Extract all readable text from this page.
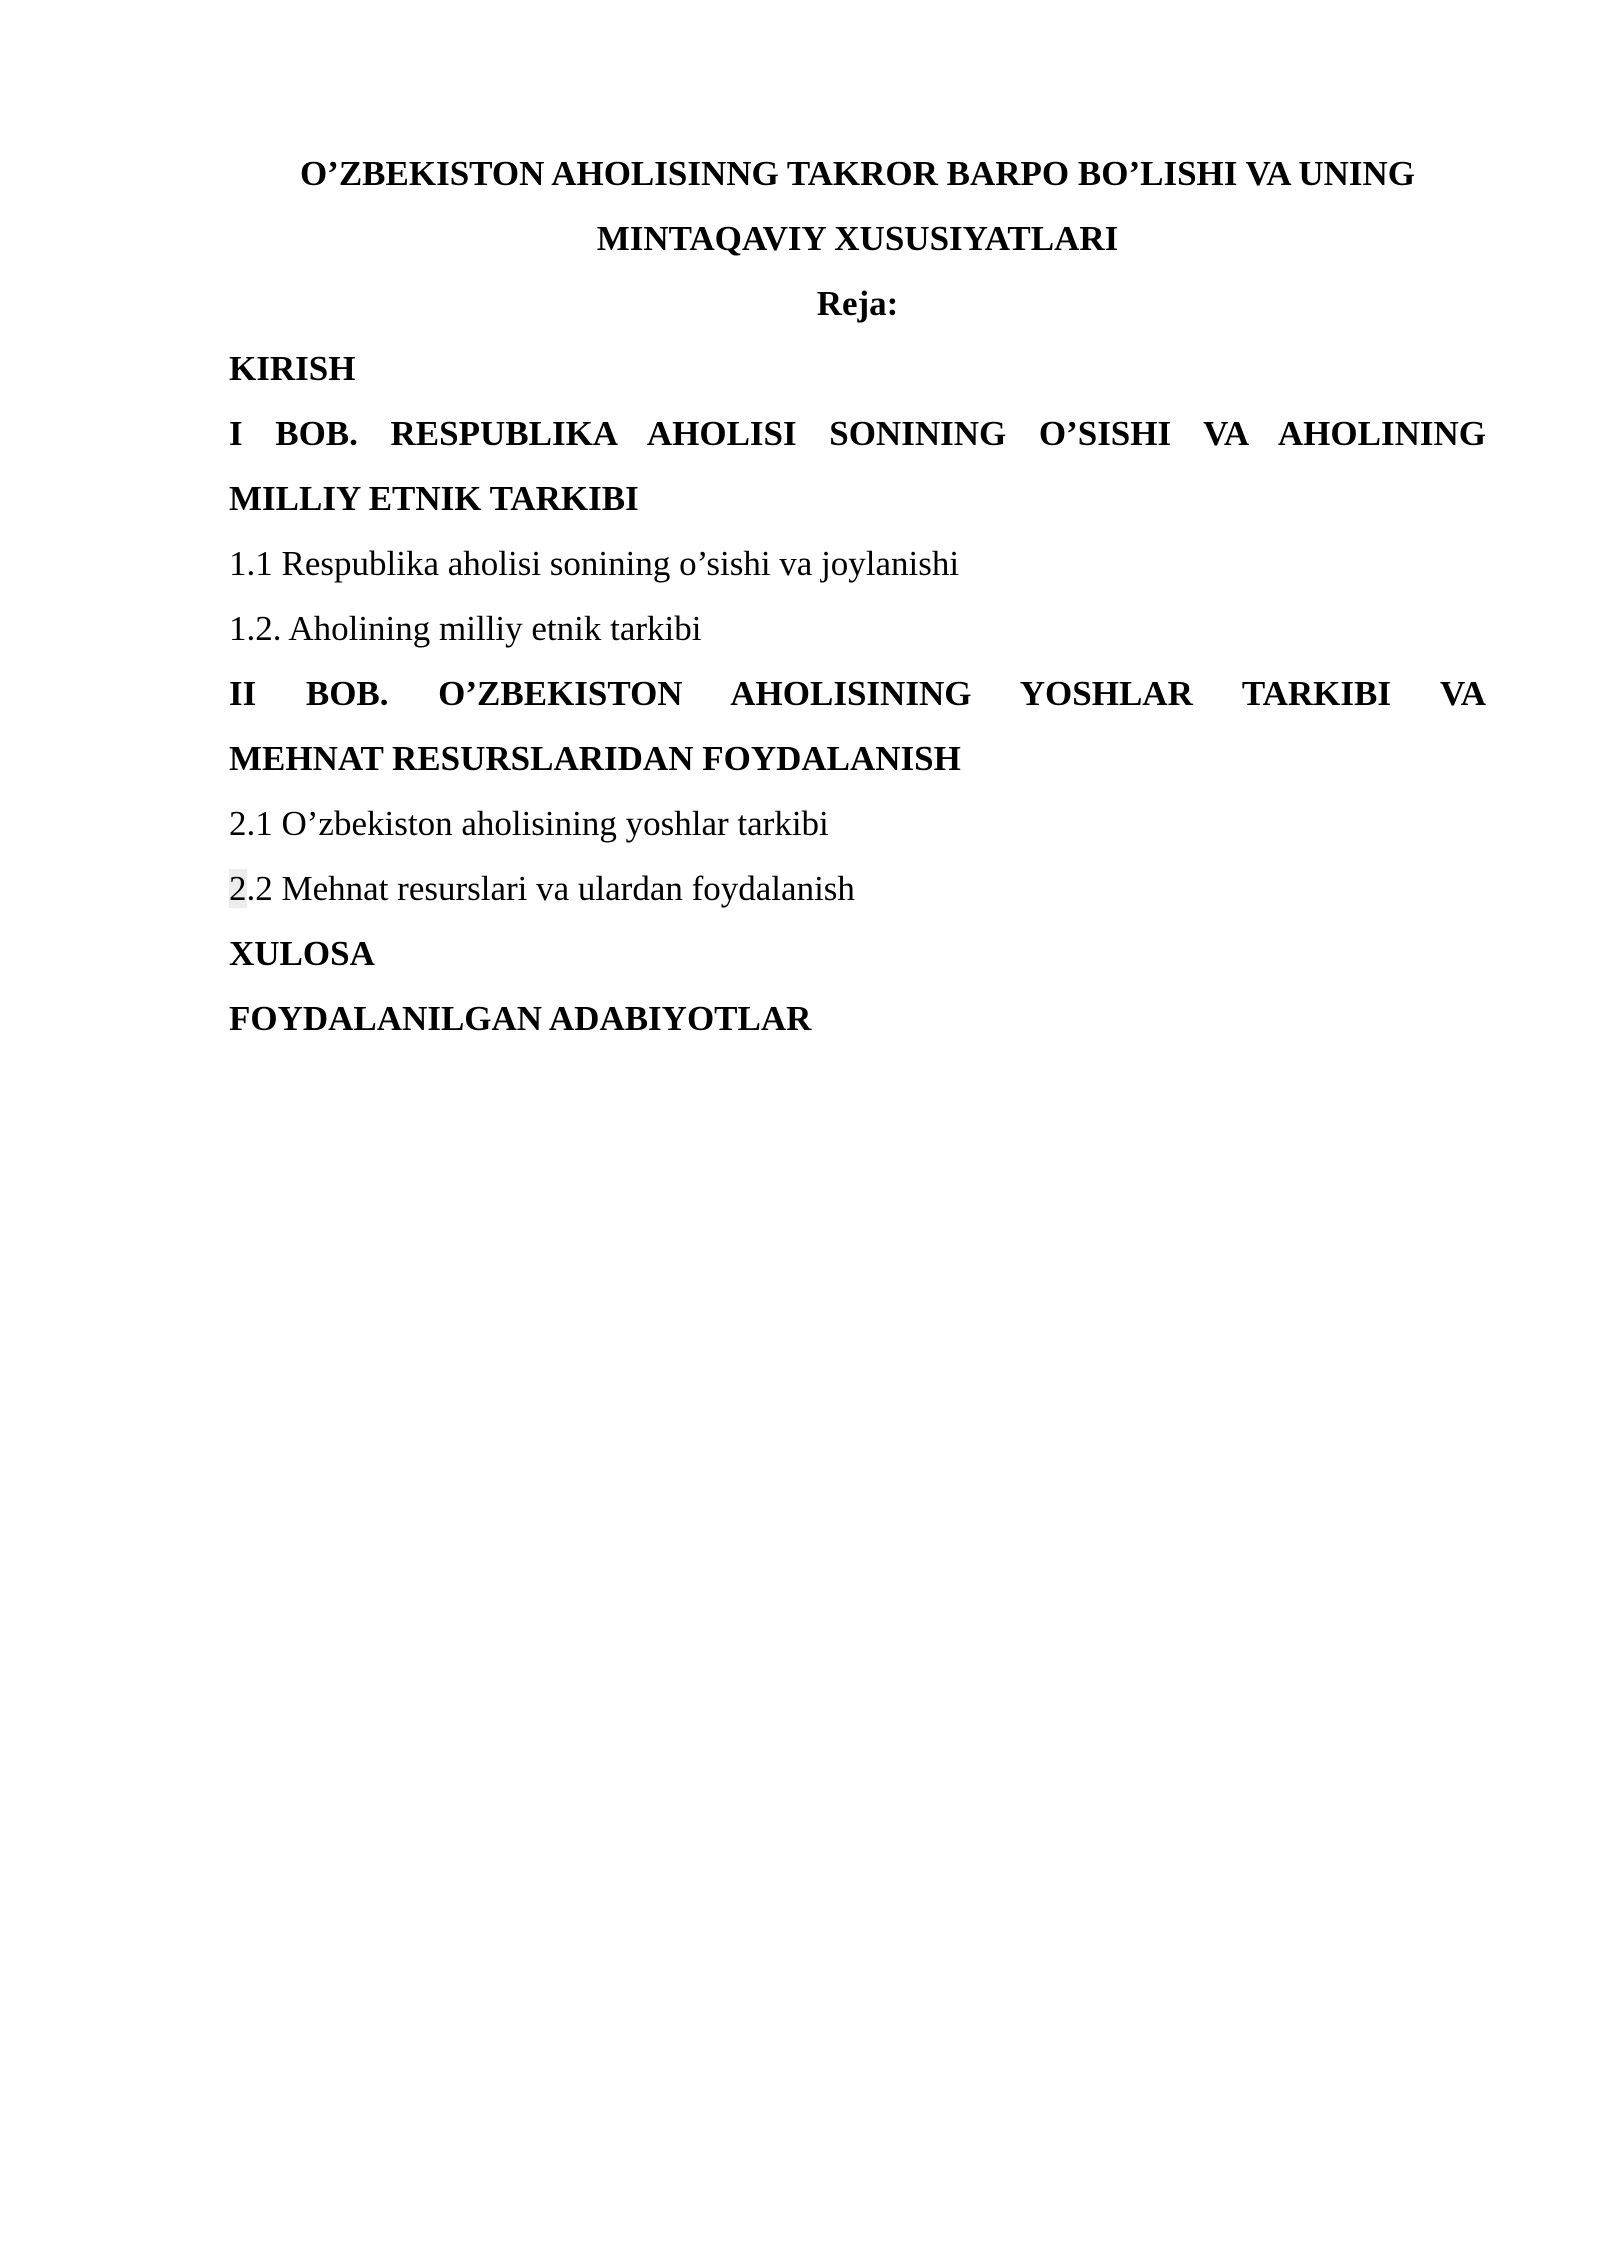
O’ZBEKISTON AHOLISINNG TAKROR BARPO BO’LISHI VA UNING
MINTAQAVIY XUSUSIYATLARI
Reja:
KIRISH
I BOB. RESPUBLIKA AHOLISI SONINING O’SISHI VA AHOLINING
MILLIY ETNIK TARKIBI
1.1 Respublika aholisi sonining o’sishi va joylanishi
1.2. Aholining milliy etnik tarkibi
II BOB. O’ZBEKISTON AHOLISINING YOSHLAR TARKIBI VA
MEHNAT RESURSLARIDAN FOYDALANISH
2.1 O’zbekiston aholisining yoshlar tarkibi
2.2 Mehnat resurslari va ulardan foydalanish
XULOSA
FOYDALANILGAN ADABIYOTLAR
